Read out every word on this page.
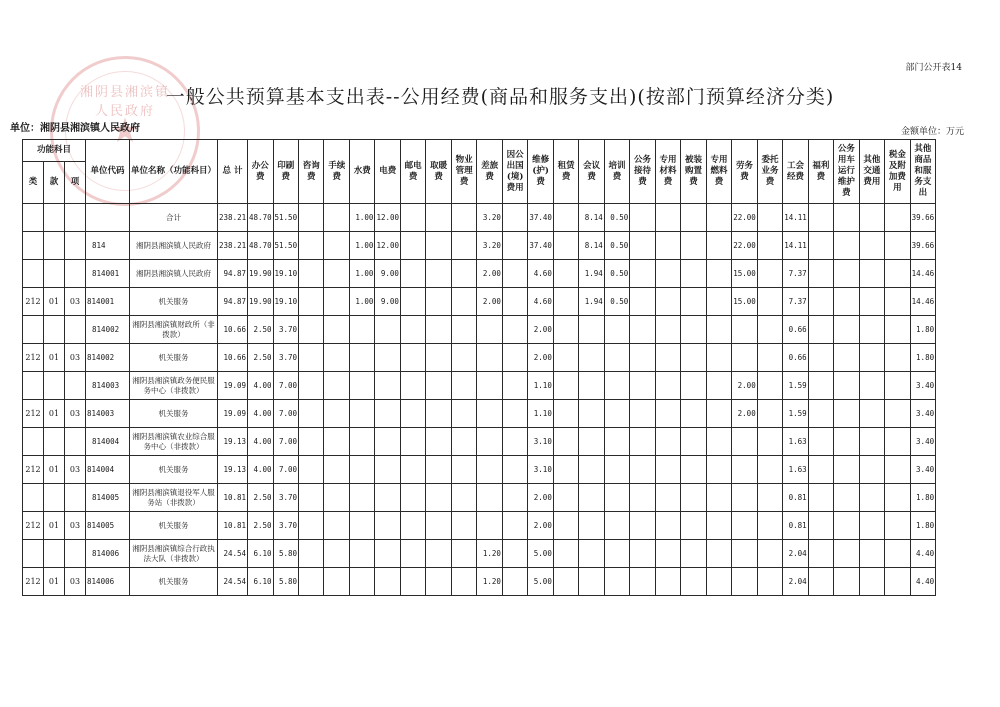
湘阴县湘滨镇人民政府
★
部门公开表14
一般公共预算基本支出表--公用经费(商品和服务支出)(按部门预算经济分类)
单位：湘阴县湘滨镇人民政府	金额单位：万元
功能科目			单位代码	单位名称（功能科目）	总 计	办公费	印刷费	咨询费	手续费	水费	电费	邮电费	取暖费	物业管理费	差旅费	因公出国(境)费用	维修(护)费	租赁费	会议费	培训费	公务接待费	专用材料费	被装购置费	专用燃料费	劳务费	委托业务费	工会经费	福利费	公务用车运行维护费	其他交通费用	税金及附加费用	其他商品和服务支出
类	款	项																														
				合计	238.21	48.70	51.50			1.00	12.00				3.20		37.40		8.14	0.50					22.00		14.11					39.66
			814	湘阴县湘滨镇人民政府	238.21	48.70	51.50			1.00	12.00				3.20		37.40		8.14	0.50					22.00		14.11					39.66
			814001	湘阴县湘滨镇人民政府	94.87	19.90	19.10			1.00	9.00				2.00		4.60		1.94	0.50					15.00		7.37					14.46
212	01	03	814001	机关服务	94.87	19.90	19.10			1.00	9.00				2.00		4.60		1.94	0.50					15.00		7.37					14.46
			814002	湘阴县湘滨镇财政所（非拨款）	10.66	2.50	3.70										2.00										0.66					1.80
212	01	03	814002	机关服务	10.66	2.50	3.70										2.00										0.66					1.80
			814003	湘阴县湘滨镇政务便民服务中心（非拨款）	19.09	4.00	7.00										1.10								2.00		1.59					3.40
212	01	03	814003	机关服务	19.09	4.00	7.00										1.10								2.00		1.59					3.40
			814004	湘阴县湘滨镇农业综合服务中心（非拨款）	19.13	4.00	7.00										3.10										1.63					3.40
212	01	03	814004	机关服务	19.13	4.00	7.00										3.10										1.63					3.40
			814005	湘阴县湘滨镇退役军人服务站（非拨款）	10.81	2.50	3.70										2.00										0.81					1.80
212	01	03	814005	机关服务	10.81	2.50	3.70										2.00										0.81					1.80
			814006	湘阴县湘滨镇综合行政执法大队（非拨款）	24.54	6.10	5.80								1.20		5.00										2.04					4.40
212	01	03	814006	机关服务	24.54	6.10	5.80								1.20		5.00										2.04					4.40
